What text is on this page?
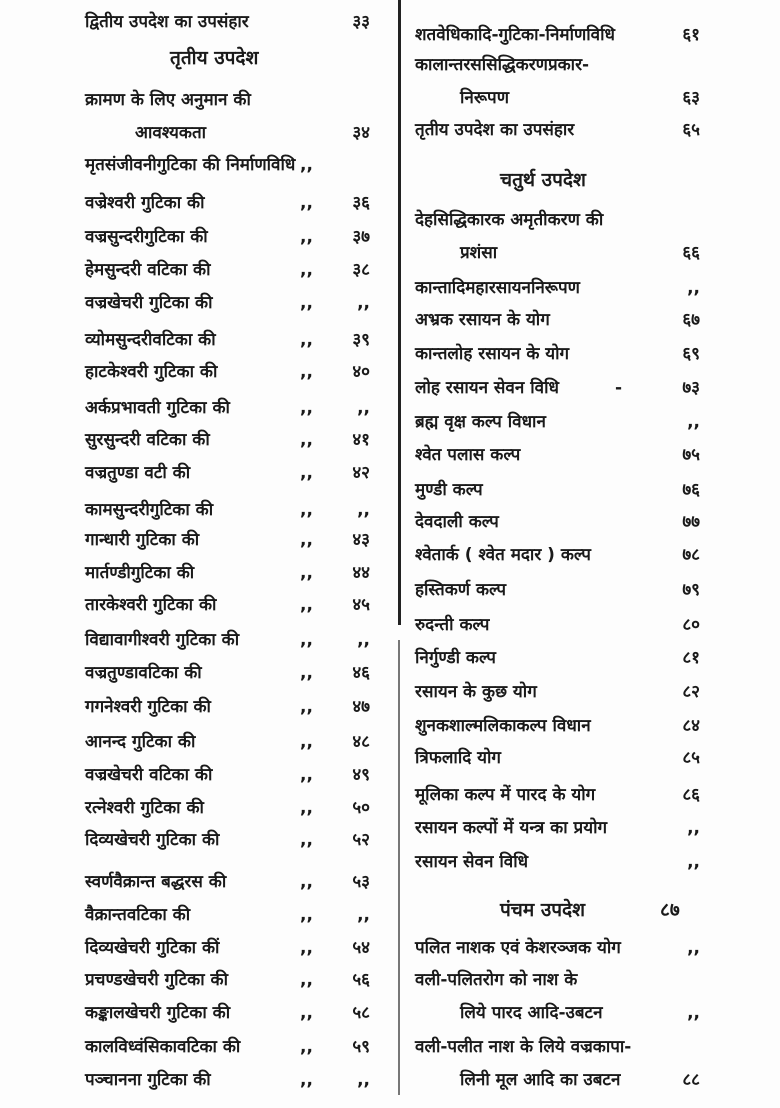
द्वितीय उपदेश का उपसंहार	३३
तृतीय उपदेश
क्रामण के लिए अनुमान की
आवश्यकता	३४
मृतसंजीवनीगुटिका की निर्माणविधि ,,
वज्रेश्वरी गुटिका की	,,	३६
वज्रसुन्दरीगुटिका की	,,	३७
हेमसुन्दरी वटिका की	,,	३८
वज्रखेचरी गुटिका की	,,	,,
व्योमसुन्दरीवटिका की	,,	३९
हाटकेश्वरी गुटिका की	,,	४०
अर्कप्रभावती गुटिका की	,,	,,
सुरसुन्दरी वटिका की	,,	४१
वज्रतुण्डा वटी की	,,	४२
कामसुन्दरीगुटिका की	,,	,,
गान्धारी गुटिका की	,,	४३
मार्तण्डीगुटिका की	,,	४४
तारकेश्वरी गुटिका की	,,	४५
विद्यावागीश्वरी गुटिका की	,,	,,
वज्रतुण्डावटिका की	,,	४६
गगनेश्वरी गुटिका की	,,	४७
आनन्द गुटिका की	,,	४८
वज्रखेचरी वटिका की	,,	४९
रत्नेश्वरी गुटिका की	,,	५०
दिव्यखेचरी गुटिका की	,,	५२
स्वर्णवैक्रान्त बद्धरस की	,,	५३
वैक्रान्तवटिका की	,,	,,
दिव्यखेचरी गुटिका कीं	,,	५४
प्रचण्डखेचरी गुटिका की	,,	५६
कङ्कालखेचरी गुटिका की	,,	५८
कालविध्वंसिकावटिका की	,,	५९
पञ्चानना गुटिका की	,,	,,
शतवेधिकादि-गुटिका-निर्माणविधि	६१
कालान्तरससिद्धिकरणप्रकार-
निरूपण	६३
तृतीय उपदेश का उपसंहार	६५
चतुर्थ उपदेश
देहसिद्धिकारक अमृतीकरण की
प्रशंसा	६६
कान्तादिमहारसायननिरूपण	,,
अभ्रक रसायन के योग	६७
कान्तलोह रसायन के योग	६९
लोह रसायन सेवन विधि	-	७३
ब्रह्म वृक्ष कल्प विधान	,,
श्वेत पलास कल्प	७५
मुण्डी कल्प	७६
देवदाली कल्प	७७
श्वेतार्क ( श्वेत मदार ) कल्प	७८
हस्तिकर्ण कल्प	७९
रुदन्ती कल्प	८०
निर्गुण्डी कल्प	८१
रसायन के कुछ योग	८२
शुनकशाल्मलिकाकल्प विधान	८४
त्रिफलादि योग	८५
मूलिका कल्प में पारद के योग	८६
रसायन कल्पों में यन्त्र का प्रयोग	,,
रसायन सेवन विधि	,,
पंचम उपदेश	८७
पलित नाशक एवं केशरञ्जक योग	,,
वली-पलितरोग को नाश के
लिये पारद आदि-उबटन	,,
वली-पलीत नाश के लिये वज्रकापा-
लिनी मूल आदि का उबटन	८८
